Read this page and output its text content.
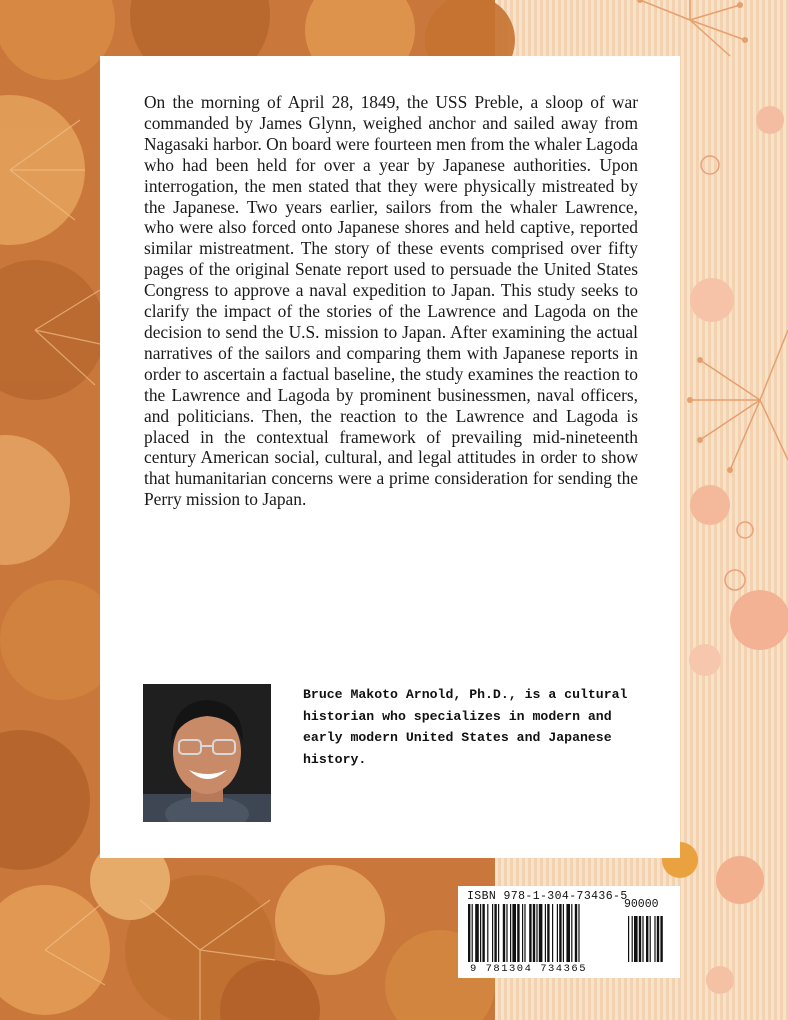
On the morning of April 28, 1849, the USS Preble, a sloop of war commanded by James Glynn, weighed anchor and sailed away from Nagasaki harbor. On board were fourteen men from the whaler Lagoda who had been held for over a year by Japanese authorities. Upon interrogation, the men stated that they were physically mistreated by the Japanese. Two years earlier, sailors from the whaler Lawrence, who were also forced onto Japanese shores and held captive, reported similar mistreatment. The story of these events comprised over fifty pages of the original Senate report used to persuade the United States Congress to approve a naval expedition to Japan. This study seeks to clarify the impact of the stories of the Lawrence and Lagoda on the decision to send the U.S. mission to Japan. After examining the actual narratives of the sailors and comparing them with Japanese reports in order to ascertain a factual baseline, the study examines the reaction to the Lawrence and Lagoda by prominent businessmen, naval officers, and politicians. Then, the reaction to the Lawrence and Lagoda is placed in the contextual framework of prevailing mid-nineteenth century American social, cultural, and legal attitudes in order to show that humanitarian concerns were a prime consideration for sending the Perry mission to Japan.

Bruce Makoto Arnold, Ph.D., is a cultural historian who specializes in modern and early modern United States and Japanese history.

ISBN 978-1-304-73436-5
90000
9 781304 734365
